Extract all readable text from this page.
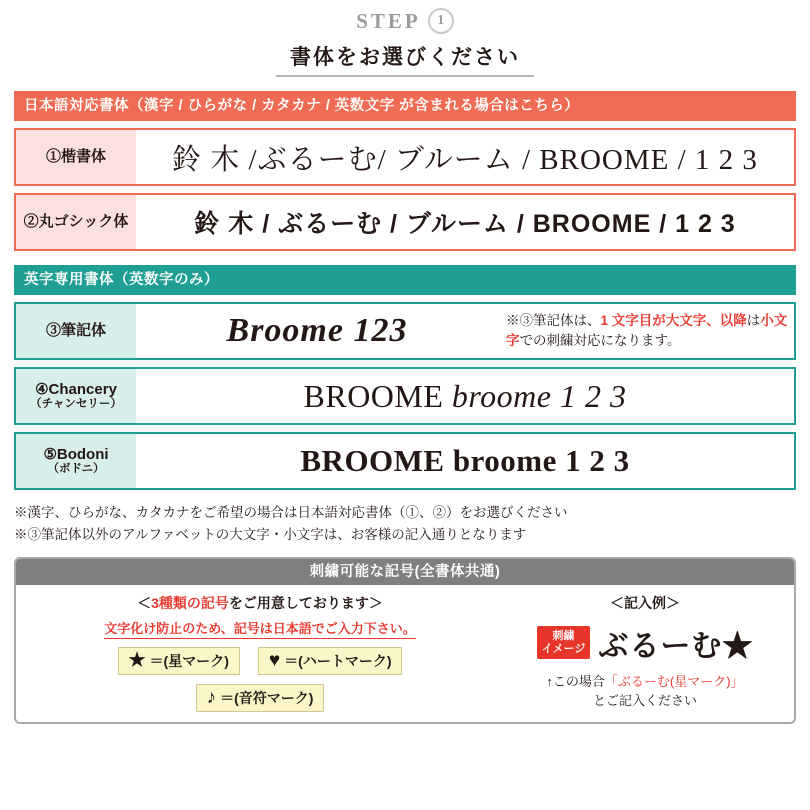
STEP	1
書体をお選びください
日本語対応書体（漢字 / ひらがな / カタカナ / 英数文字 が含まれる場合はこちら）
①楷書体 鈴 木 /ぶるーむ/ ブルーム / BROOME / 1 2 3
②丸ゴシック体	鈴 木 / ぶるーむ / ブルーム / BROOME / 1 2 3
英字専用書体（英数字のみ）
③筆記体	Broome 123	※③筆記体は、1 文字目が大文字、以降は小文字での刺繍対応になります。
④Chancery
（チャンセリー）	BROOME broome 1 2 3
⑤Bodoni
（ボドニ）	BROOME broome 1 2 3
※漢字、ひらがな、カタカナをご希望の場合は日本語対応書体（①、②）をお選びください
※③筆記体以外のアルファベットの大文字・小文字は、お客様の記入通りとなります
刺繍可能な記号(全書体共通)
＜3種類の記号をご用意しております＞
文字化け防止のため、記号は日本語でご入力下さい。
★ ＝(星マーク) ♥ ＝(ハートマーク)
♪ ＝(音符マーク)
＜記入例＞
刺繍
イメージ ぶるーむ★
↑この場合「ぶるーむ(星マーク)」
とご記入ください
